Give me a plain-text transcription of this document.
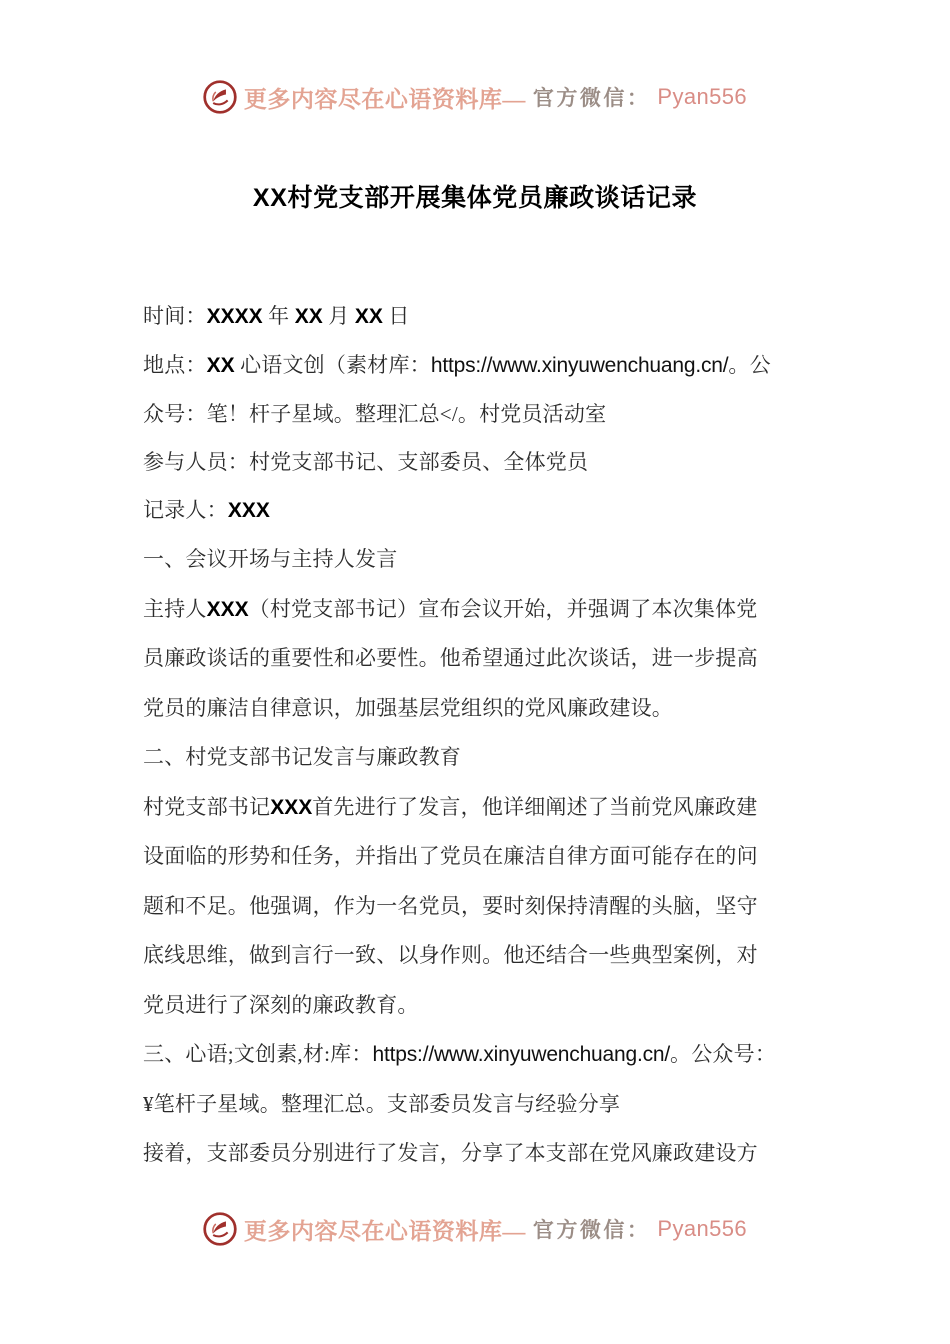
更多内容尽在心语资料库— 官方微信： Pyan556
XX村党支部开展集体党员廉政谈话记录
时间：XXXX 年 XX 月 XX 日
地点：XX 心语文创（素材库：https://www.xinyuwenchuang.cn/。公
众号：笔！杆子星域。整理汇总</。村党员活动室
参与人员：村党支部书记、支部委员、全体党员
记录人：XXX
一、会议开场与主持人发言
主持人XXX（村党支部书记）宣布会议开始，并强调了本次集体党
员廉政谈话的重要性和必要性。他希望通过此次谈话，进一步提高
党员的廉洁自律意识，加强基层党组织的党风廉政建设。
二、村党支部书记发言与廉政教育
村党支部书记XXX首先进行了发言，他详细阐述了当前党风廉政建
设面临的形势和任务，并指出了党员在廉洁自律方面可能存在的问
题和不足。他强调，作为一名党员，要时刻保持清醒的头脑，坚守
底线思维，做到言行一致、以身作则。他还结合一些典型案例，对
党员进行了深刻的廉政教育。
三、心语;文创素,材:库：https://www.xinyuwenchuang.cn/。公众号：
¥笔杆子星域。整理汇总。支部委员发言与经验分享
接着，支部委员分别进行了发言，分享了本支部在党风廉政建设方
更多内容尽在心语资料库— 官方微信： Pyan556
